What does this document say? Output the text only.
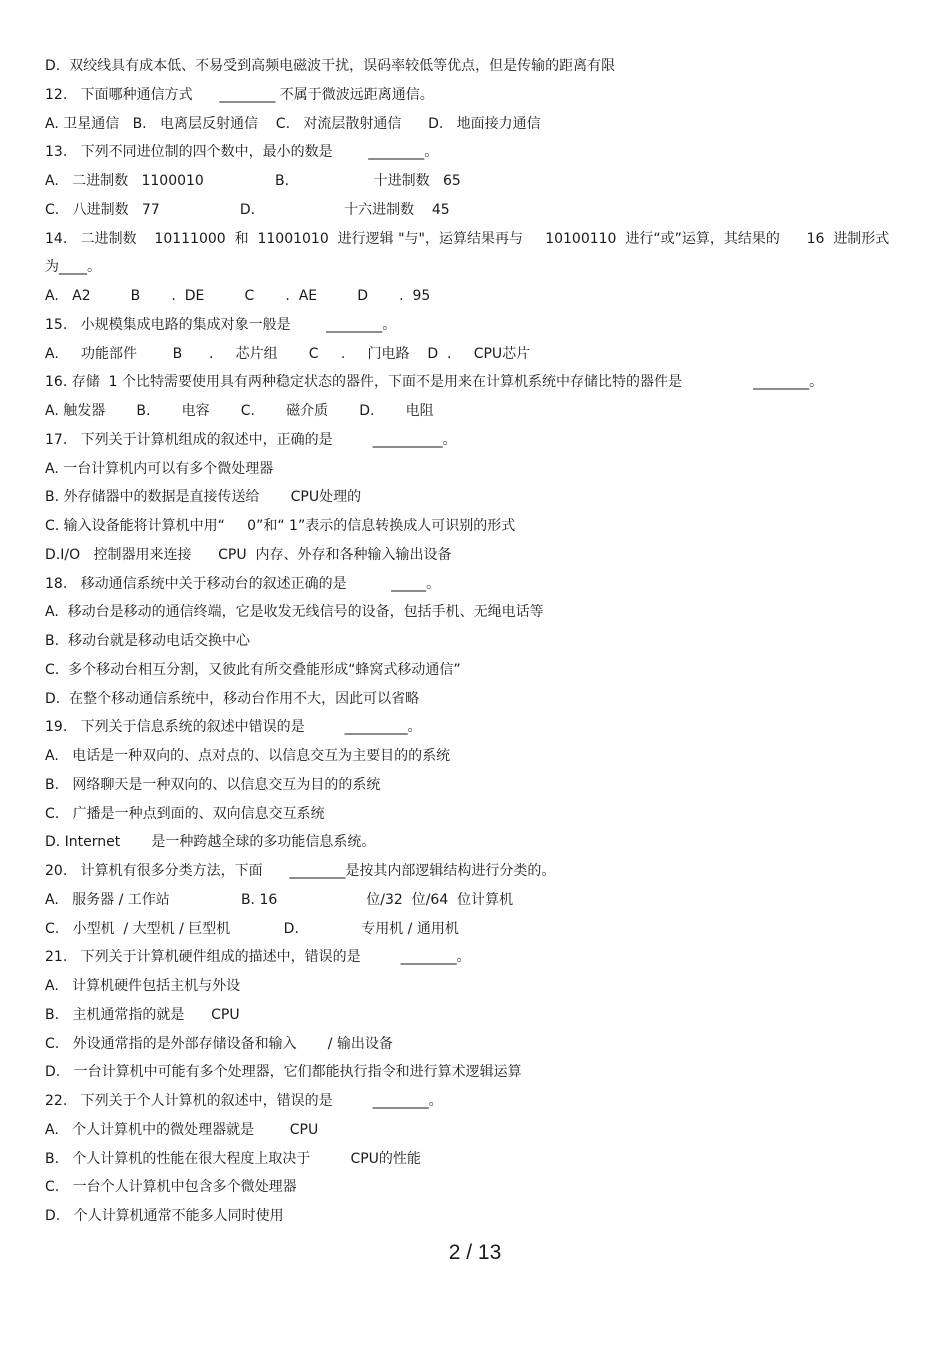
D.  双绞线具有成本低、不易受到高频电磁波干扰，误码率较低等优点，但是传输的距离有限
12.   下面哪种通信方式      ________ 不属于微波远距离通信。
A. 卫星通信   B.   电离层反射通信    C.   对流层散射通信      D.   地面接力通信
13.   下列不同进位制的四个数中，最小的数是        ________。
A.   二进制数   1100010                B.                   十进制数   65
C.   八进制数   77                  D.                    十六进制数    45
14.   二进制数    10111000  和  11001010  进行逻辑 "与"，运算结果再与     10100110  进行“或”运算，其结果的      16  进制形式
为____。
A.   A2         B       .  DE         C       .  AE         D       .  95
15.   小规模集成电路的集成对象一般是        ________。
A.     功能部件        B      .     芯片组       C     .     门电路    D  .     CPU芯片
16. 存储  1 个比特需要使用具有两种稳定状态的器件，下面不是用来在计算机系统中存储比特的器件是                ________。
A. 触发器       B.       电容       C.       磁介质       D.       电阻
17.   下列关于计算机组成的叙述中，正确的是         __________。
A. 一台计算机内可以有多个微处理器
B. 外存储器中的数据是直接传送给       CPU处理的
C. 输入设备能将计算机中用“     0”和“ 1”表示的信息转换成人可识别的形式
D.I/O   控制器用来连接      CPU  内存、外存和各种输入输出设备
18.   移动通信系统中关于移动台的叙述正确的是          _____。
A.  移动台是移动的通信终端，它是收发无线信号的设备，包括手机、无绳电话等
B.  移动台就是移动电话交换中心
C.  多个移动台相互分割，又彼此有所交叠能形成“蜂窝式移动通信”
D.  在整个移动通信系统中，移动台作用不大，因此可以省略
19.   下列关于信息系统的叙述中错误的是         _________。
A.   电话是一种双向的、点对点的、以信息交互为主要目的的系统
B.   网络聊天是一种双向的、以信息交互为目的的系统
C.   广播是一种点到面的、双向信息交互系统
D. Internet       是一种跨越全球的多功能信息系统。
20.   计算机有很多分类方法，下面      ________是按其内部逻辑结构进行分类的。
A.   服务器 / 工作站                B. 16                    位/32  位/64  位计算机
C.   小型机  / 大型机 / 巨型机            D.              专用机 / 通用机
21.   下列关于计算机硬件组成的描述中，错误的是         ________。
A.   计算机硬件包括主机与外设
B.   主机通常指的就是      CPU
C.   外设通常指的是外部存储设备和输入       / 输出设备
D.   一台计算机中可能有多个处理器，它们都能执行指令和进行算术逻辑运算
22.   下列关于个人计算机的叙述中，错误的是         ________。
A.   个人计算机中的微处理器就是        CPU
B.   个人计算机的性能在很大程度上取决于         CPU的性能
C.   一台个人计算机中包含多个微处理器
D.   个人计算机通常不能多人同时使用
2 / 13
